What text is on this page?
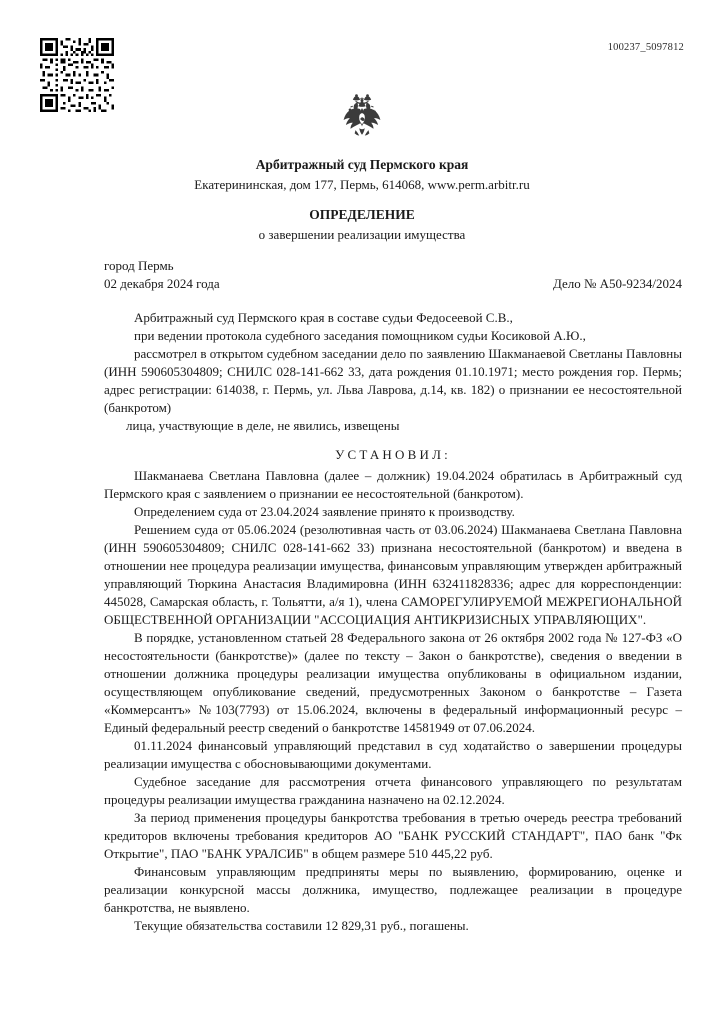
100237_5097812
Арбитражный суд Пермского края
Екатерининская, дом 177, Пермь, 614068, www.perm.arbitr.ru
ОПРЕДЕЛЕНИЕ
о завершении реализации имущества
город Пермь
02 декабря 2024 года	Дело № А50-9234/2024

Арбитражный суд Пермского края в составе судьи Федосеевой С.В.,

при ведении протокола судебного заседания помощником судьи Косиковой А.Ю.,

рассмотрел в открытом судебном заседании дело по заявлению Шакманаевой Светланы Павловны (ИНН 590605304809; СНИЛС 028-141-662 33, дата рождения 01.10.1971; место рождения гор. Пермь; адрес регистрации: 614038, г. Пермь, ул. Льва Лаврова, д.14, кв. 182) о признании ее несостоятельной (банкротом)

лица, участвующие в деле, не явились, извещены

УСТАНОВИЛ:

Шакманаева Светлана Павловна (далее – должник) 19.04.2024 обратилась в Арбитражный суд Пермского края с заявлением о признании ее несостоятельной (банкротом).

Определением суда от 23.04.2024 заявление принято к производству.

Решением суда от 05.06.2024 (резолютивная часть от 03.06.2024) Шакманаева Светлана Павловна (ИНН 590605304809; СНИЛС 028-141-662 33) признана несостоятельной (банкротом) и введена в отношении нее процедура реализации имущества, финансовым управляющим утвержден арбитражный управляющий Тюркина Анастасия Владимировна (ИНН 632411828336; адрес для корреспонденции: 445028, Самарская область, г. Тольятти, а/я 1), члена САМОРЕГУЛИРУЕМОЙ МЕЖРЕГИОНАЛЬНОЙ ОБЩЕСТВЕННОЙ ОРГАНИЗАЦИИ "АССОЦИАЦИЯ АНТИКРИЗИСНЫХ УПРАВЛЯЮЩИХ".

В порядке, установленном статьей 28 Федерального закона от 26 октября 2002 года № 127-ФЗ «О несостоятельности (банкротстве)» (далее по тексту – Закон о банкротстве), сведения о введении в отношении должника процедуры реализации имущества опубликованы в официальном издании, осуществляющем опубликование сведений, предусмотренных Законом о банкротстве – Газета «Коммерсантъ» №103(7793) от 15.06.2024, включены в федеральный информационный ресурс – Единый федеральный реестр сведений о банкротстве 14581949 от 07.06.2024.

01.11.2024 финансовый управляющий представил в суд ходатайство о завершении процедуры реализации имущества с обосновывающими документами.

Судебное заседание для рассмотрения отчета финансового управляющего по результатам процедуры реализации имущества гражданина назначено на 02.12.2024.

За период применения процедуры банкротства требования в третью очередь реестра требований кредиторов включены требования кредиторов АО "БАНК РУССКИЙ СТАНДАРТ", ПАО банк "Фк Открытие", ПАО "БАНК УРАЛСИБ" в общем размере 510 445,22 руб.

Финансовым управляющим предприняты меры по выявлению, формированию, оценке и реализации конкурсной массы должника, имущество, подлежащее реализации в процедуре банкротства, не выявлено.

Текущие обязательства составили 12 829,31 руб., погашены.
